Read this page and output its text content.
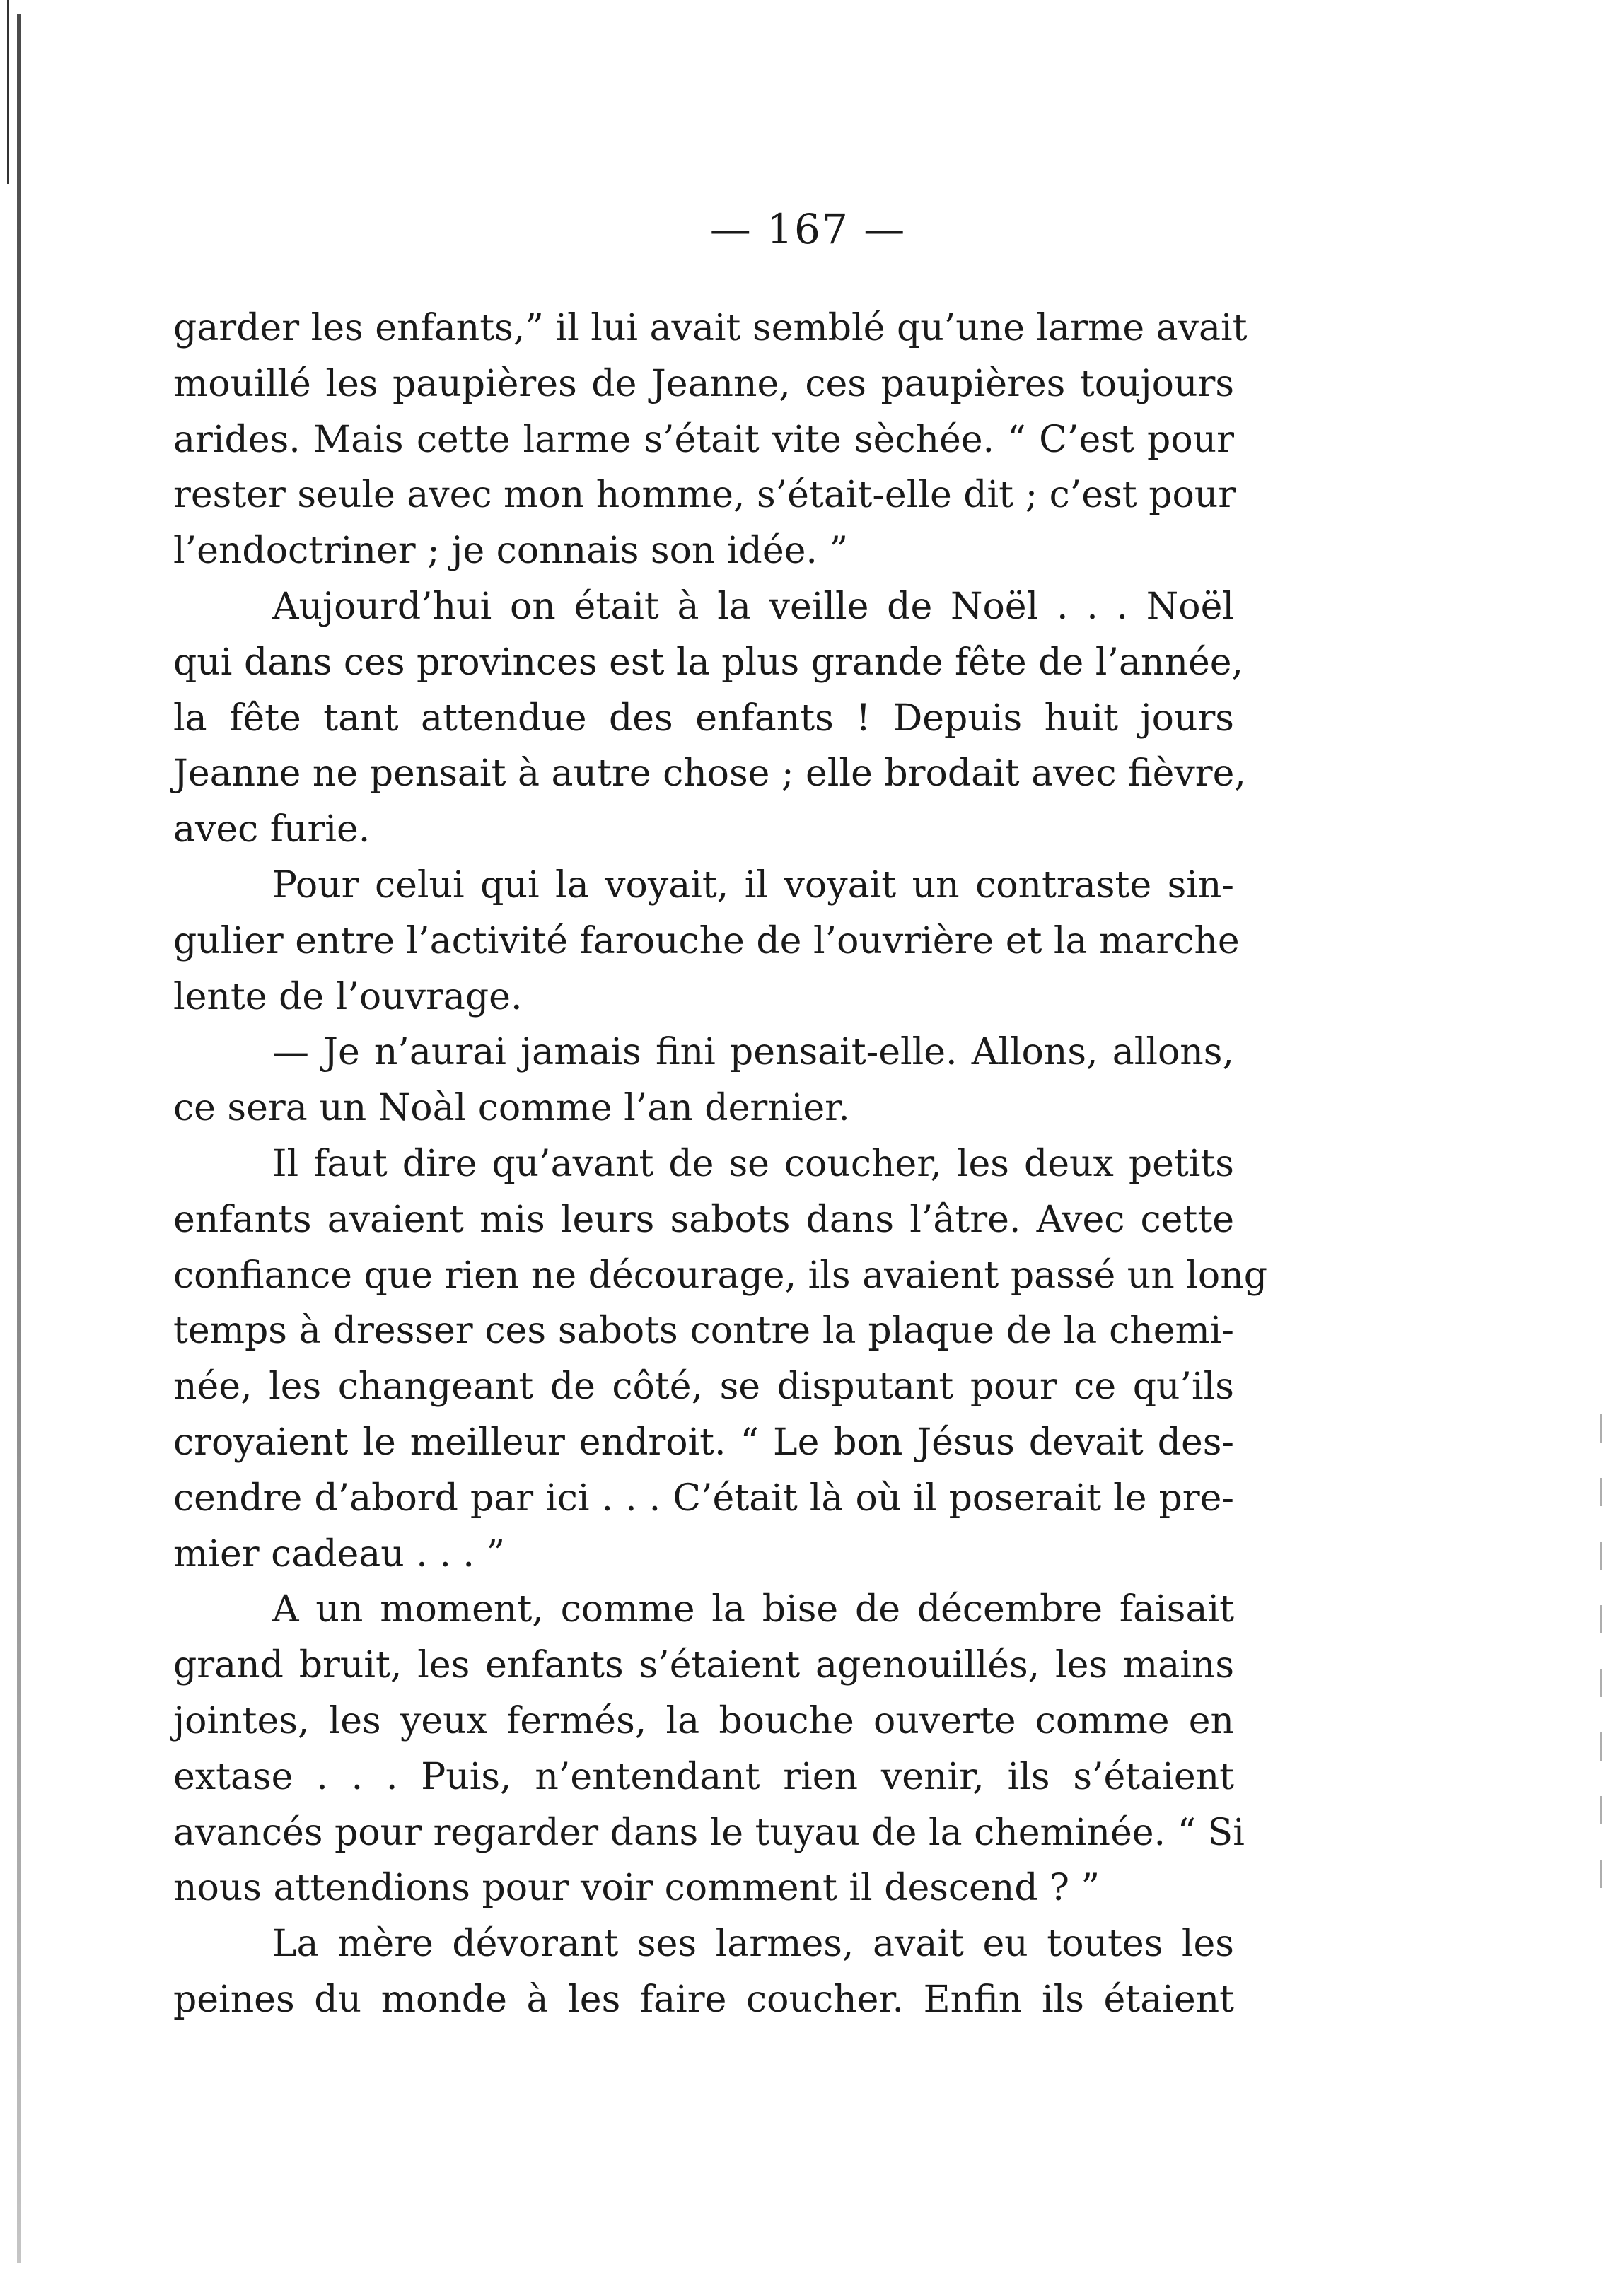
— 167 —
garder les enfants,” il lui avait semblé qu’une larme avait
mouillé les paupières de Jeanne, ces paupières toujours
arides. Mais cette larme s’était vite sèchée. “ C’est pour
rester seule avec mon homme, s’était-elle dit ; c’est pour
l’endoctriner ; je connais son idée. ”
Aujourd’hui on était à la veille de Noël . . . Noël
qui dans ces provinces est la plus grande fête de l’année,
la fête tant attendue des enfants ! Depuis huit jours
Jeanne ne pensait à autre chose ; elle brodait avec fièvre,
avec furie.
Pour celui qui la voyait, il voyait un contraste sin-
gulier entre l’activité farouche de l’ouvrière et la marche
lente de l’ouvrage.
— Je n’aurai jamais fini pensait-elle. Allons, allons,
ce sera un Noàl comme l’an dernier.
Il faut dire qu’avant de se coucher, les deux petits
enfants avaient mis leurs sabots dans l’âtre. Avec cette
confiance que rien ne décourage, ils avaient passé un long
temps à dresser ces sabots contre la plaque de la chemi-
née, les changeant de côté, se disputant pour ce qu’ils
croyaient le meilleur endroit. “ Le bon Jésus devait des-
cendre d’abord par ici . . . C’était là où il poserait le pre-
mier cadeau . . . ”
A un moment, comme la bise de décembre faisait
grand bruit, les enfants s’étaient agenouillés, les mains
jointes, les yeux fermés, la bouche ouverte comme en
extase . . . Puis, n’entendant rien venir, ils s’étaient
avancés pour regarder dans le tuyau de la cheminée. “ Si
nous attendions pour voir comment il descend ? ”
La mère dévorant ses larmes, avait eu toutes les
peines du monde à les faire coucher. Enfin ils étaient
